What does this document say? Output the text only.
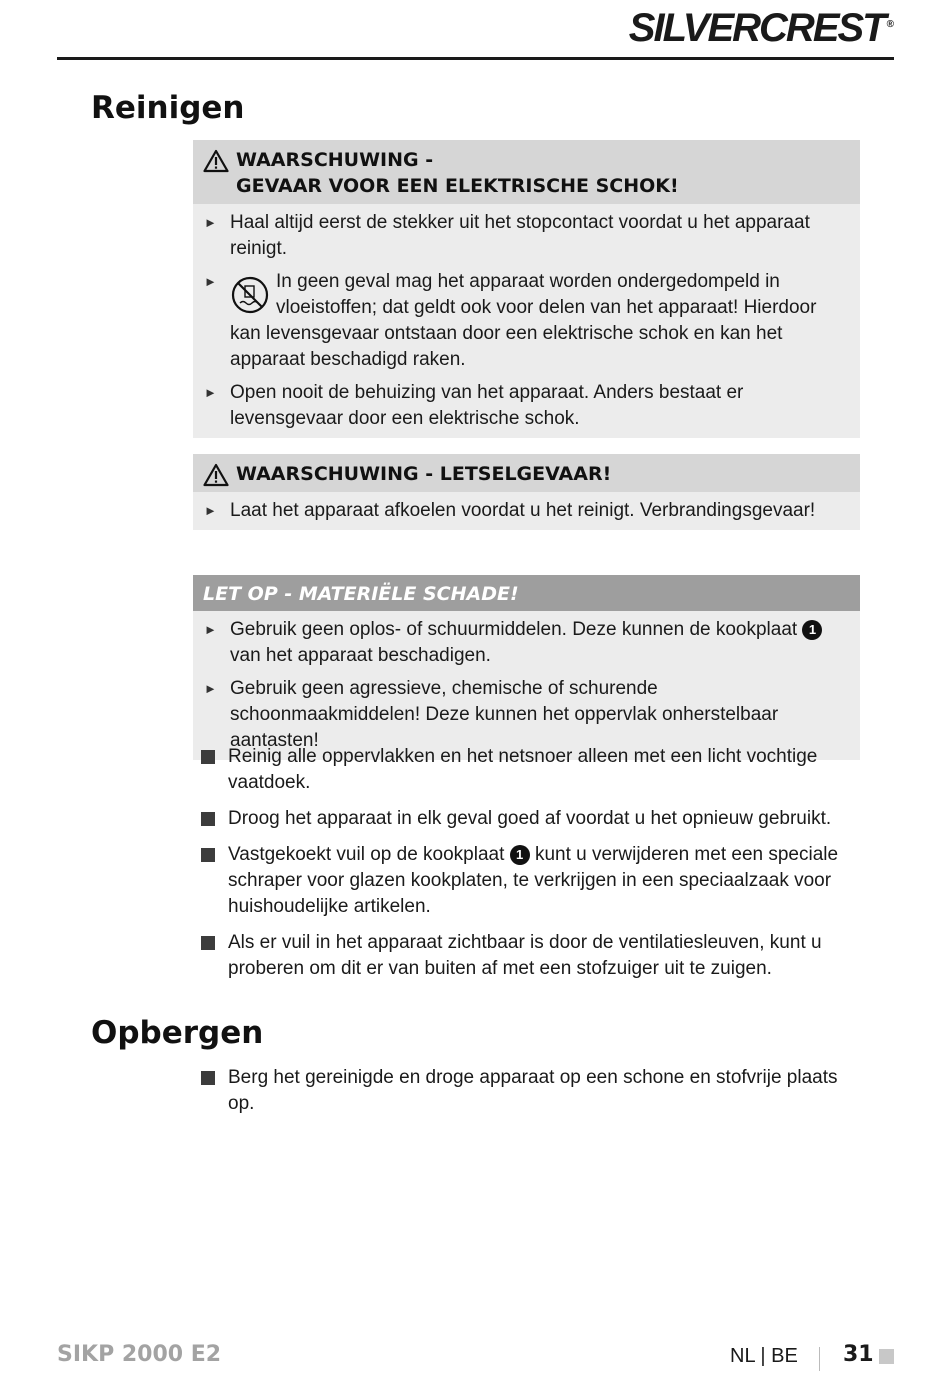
SILVERCREST ®
Reinigen
WAARSCHUWING -
GEVAAR VOOR EEN ELEKTRISCHE SCHOK!
► Haal altijd eerst de stekker uit het stopcontact voordat u het apparaat reinigt.
►	In geen geval mag het apparaat worden ondergedompeld in vloeistoffen; dat geldt ook voor delen van het apparaat! Hierdoor kan levensgevaar ontstaan door een elektrische schok en kan het apparaat beschadigd raken.
► Open nooit de behuizing van het apparaat. Anders bestaat er levensgevaar door een elektrische schok.
WAARSCHUWING - LETSELGEVAAR!
► Laat het apparaat afkoelen voordat u het reinigt. Verbrandingsgevaar!
LET OP - MATERIËLE SCHADE!
► Gebruik geen oplos- of schuurmiddelen. Deze kunnen de kookplaat 1 van het apparaat beschadigen.
► Gebruik geen agressieve, chemische of schurende schoonmaakmiddelen! Deze kunnen het oppervlak onherstelbaar aantasten!
Reinig alle oppervlakken en het netsnoer alleen met een licht vochtige vaatdoek.
Droog het apparaat in elk geval goed af voordat u het opnieuw gebruikt.
Vastgekoekt vuil op de kookplaat 1 kunt u verwijderen met een speciale schraper voor glazen kookplaten, te verkrijgen in een speciaalzaak voor huishoudelijke artikelen.
Als er vuil in het apparaat zichtbaar is door de ventilatiesleuven, kunt u proberen om dit er van buiten af met een stofzuiger uit te zuigen.
Opbergen
Berg het gereinigde en droge apparaat op een schone en stofvrije plaats op.
SIKP 2000 E2	NL | BE 31
